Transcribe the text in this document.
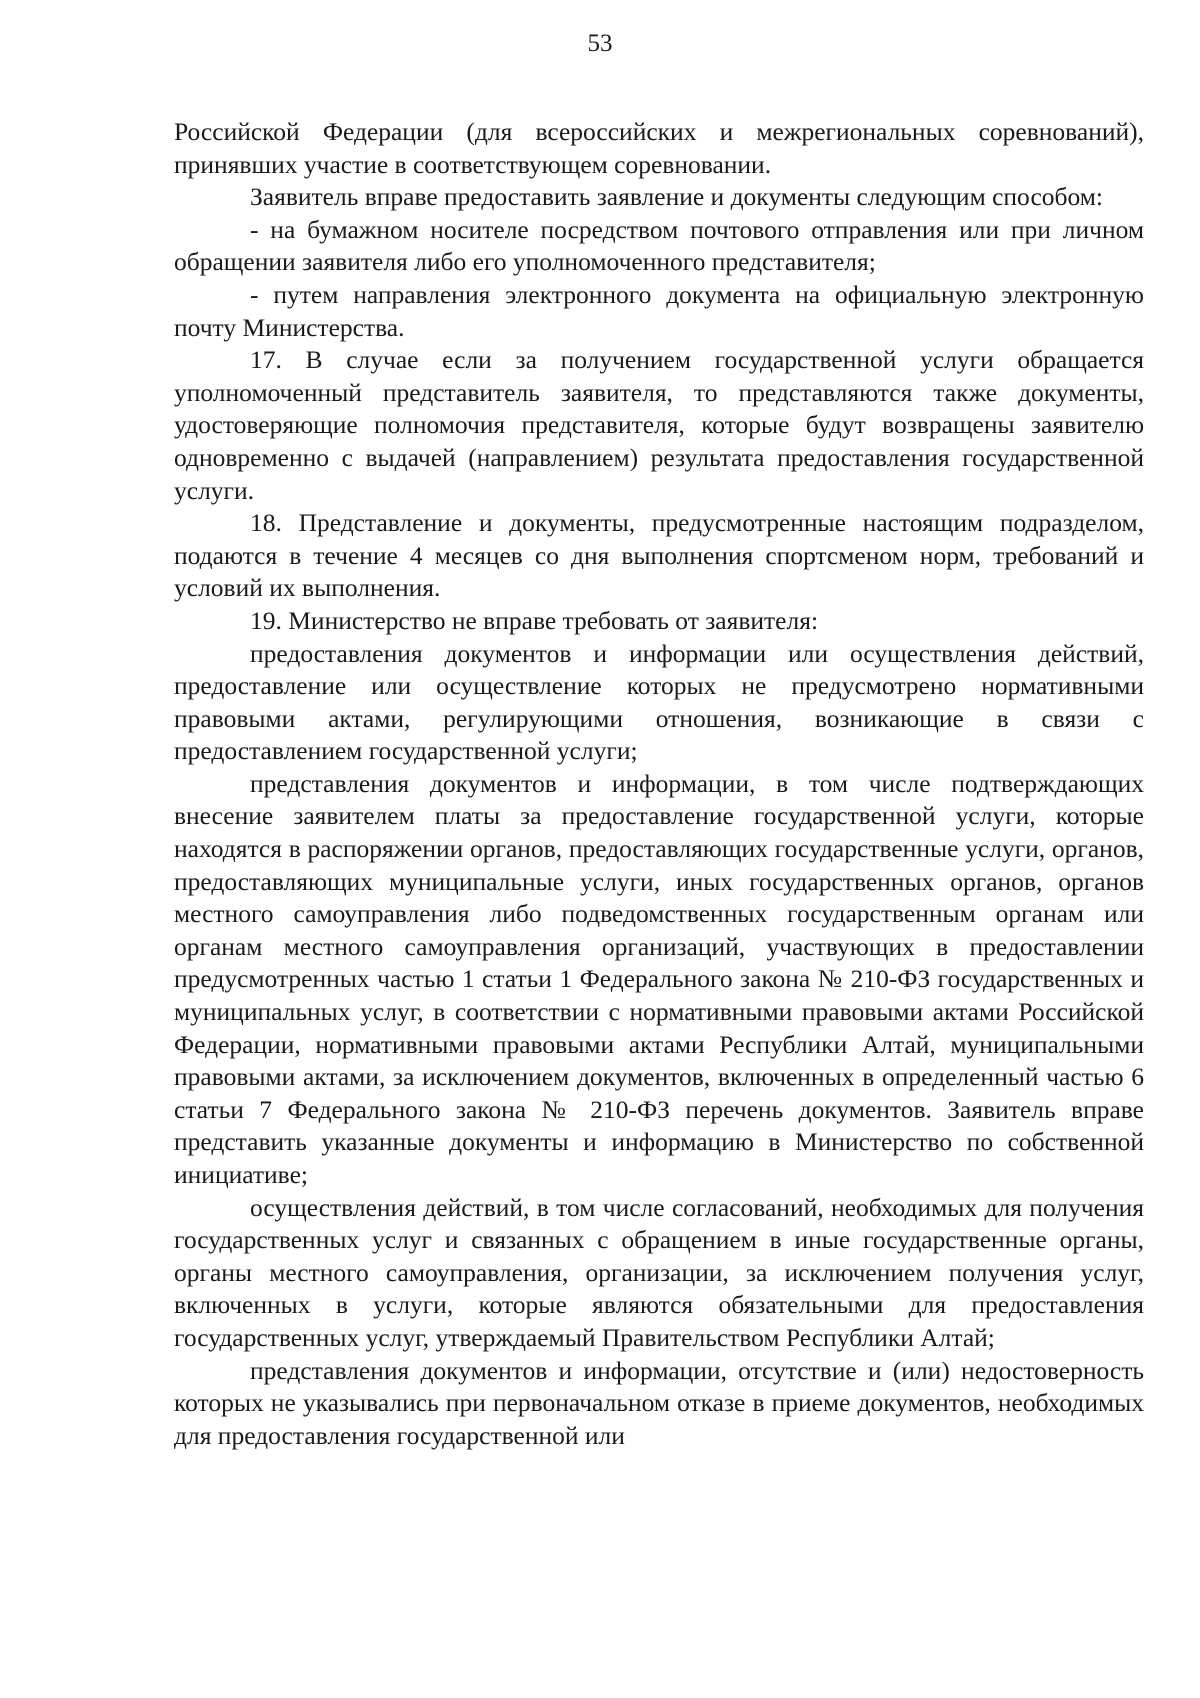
53

Российской Федерации (для всероссийских и межрегиональных соревнований), принявших участие в соответствующем соревновании.

Заявитель вправе предоставить заявление и документы следующим способом:

- на бумажном носителе посредством почтового отправления или при личном обращении заявителя либо его уполномоченного представителя;

- путем направления электронного документа на официальную электронную почту Министерства.

17. В случае если за получением государственной услуги обращается уполномоченный представитель заявителя, то представляются также документы, удостоверяющие полномочия представителя, которые будут возвращены заявителю одновременно с выдачей (направлением) результата предоставления государственной услуги.

18. Представление и документы, предусмотренные настоящим подразделом, подаются в течение 4 месяцев со дня выполнения спортсменом норм, требований и условий их выполнения.

19. Министерство не вправе требовать от заявителя:

предоставления документов и информации или осуществления действий, предоставление или осуществление которых не предусмотрено нормативными правовыми актами, регулирующими отношения, возникающие в связи с предоставлением государственной услуги;

представления документов и информации, в том числе подтверждающих внесение заявителем платы за предоставление государственной услуги, которые находятся в распоряжении органов, предоставляющих государственные услуги, органов, предоставляющих муниципальные услуги, иных государственных органов, органов местного самоуправления либо подведомственных государственным органам или органам местного самоуправления организаций, участвующих в предоставлении предусмотренных частью 1 статьи 1 Федерального закона № 210-ФЗ государственных и муниципальных услуг, в соответствии с нормативными правовыми актами Российской Федерации, нормативными правовыми актами Республики Алтай, муниципальными правовыми актами, за исключением документов, включенных в определенный частью 6 статьи 7 Федерального закона № 210-ФЗ перечень документов. Заявитель вправе представить указанные документы и информацию в Министерство по собственной инициативе;

осуществления действий, в том числе согласований, необходимых для получения государственных услуг и связанных с обращением в иные государственные органы, органы местного самоуправления, организации, за исключением получения услуг, включенных в услуги, которые являются обязательными для предоставления государственных услуг, утверждаемый Правительством Республики Алтай;

представления документов и информации, отсутствие и (или) недостоверность которых не указывались при первоначальном отказе в приеме документов, необходимых для предоставления государственной или
